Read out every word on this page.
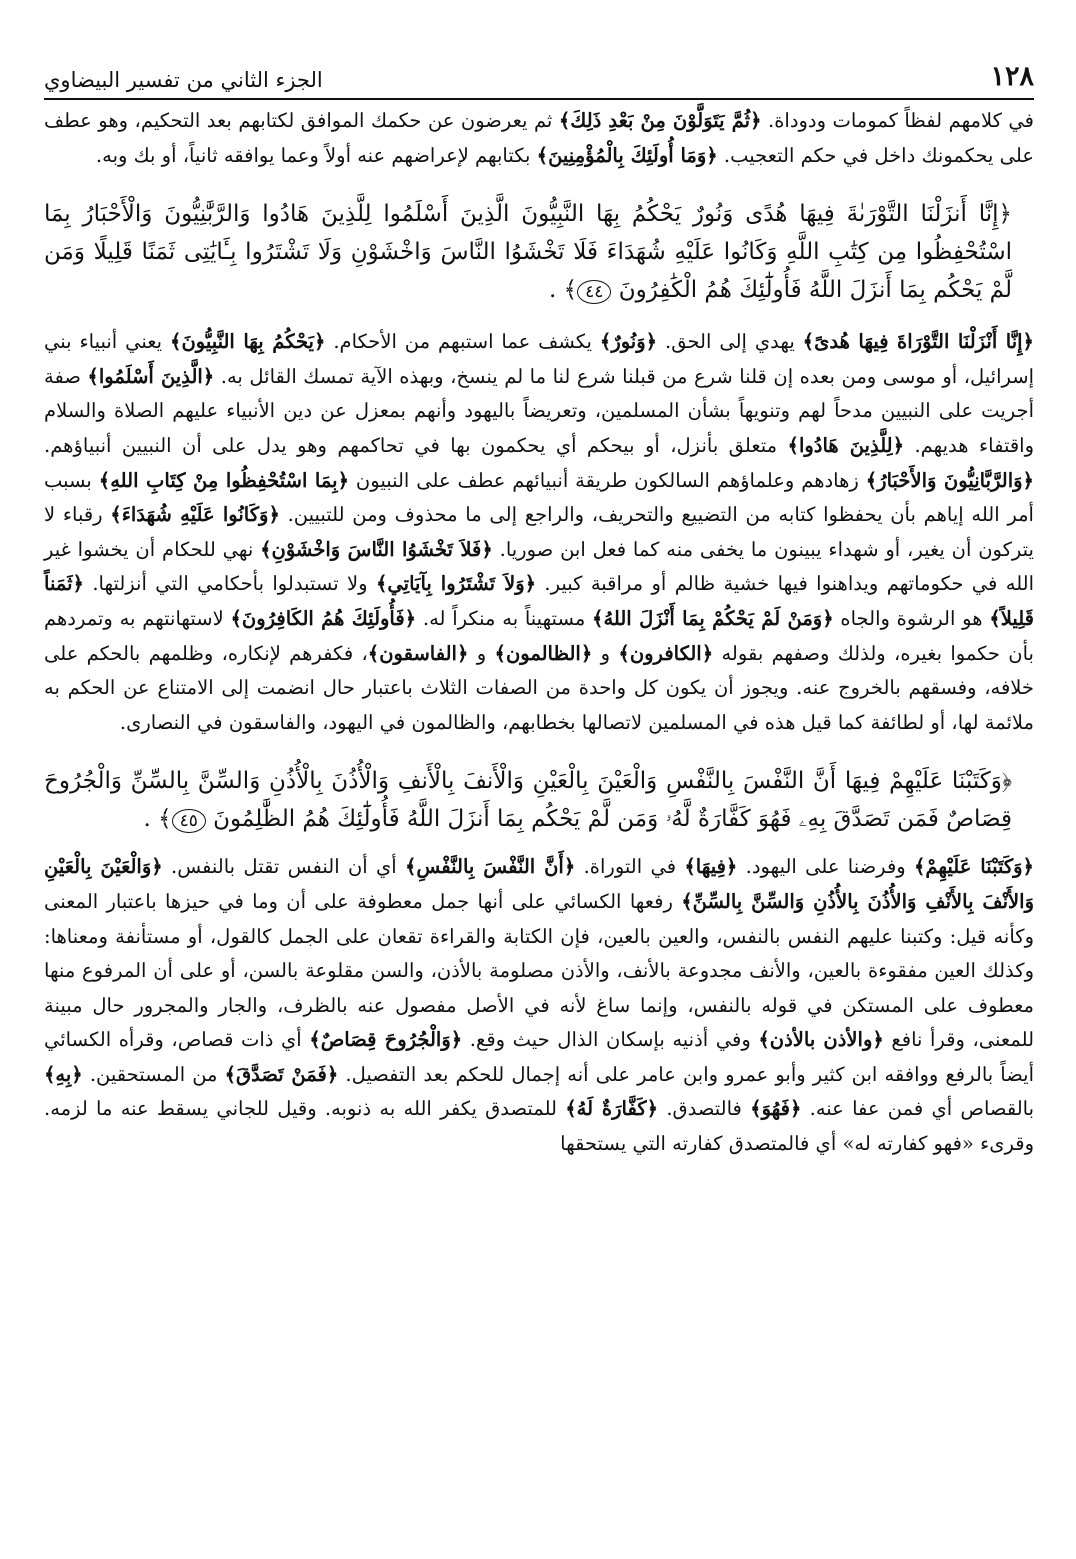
١٢٨
الجزء الثاني من تفسير البيضاوي

في كلامهم لفظاً كمومات ودوداة. ﴿ثُمَّ يَتَوَلَّوْنَ مِنْ بَعْدِ ذَلِكَ﴾ ثم يعرضون عن حكمك الموافق لكتابهم بعد التحكيم، وهو عطف على يحكمونك داخل في حكم التعجيب. ﴿وَمَا أُولَئِكَ بِالْمُؤْمِنِينَ﴾ بكتابهم لإعراضهم عنه أولاً وعما يوافقه ثانياً، أو بك وبه.

﴿إِنَّا أَنزَلْنَا التَّوْرَىٰةَ فِيهَا هُدًى وَنُورٌ يَحْكُمُ بِهَا النَّبِيُّونَ الَّذِينَ أَسْلَمُوا لِلَّذِينَ هَادُوا وَالرَّبَّٰنِيُّونَ وَالْأَحْبَارُ بِمَا اسْتُحْفِظُوا مِن كِتَٰبِ اللَّهِ وَكَانُوا عَلَيْهِ شُهَدَاءَ فَلَا تَخْشَوُا النَّاسَ وَاخْشَوْنِ وَلَا تَشْتَرُوا بِـَٔايَٰتِى ثَمَنًا قَلِيلًا وَمَن لَّمْ يَحْكُم بِمَا أَنزَلَ اللَّهُ فَأُولَٰٓئِكَ هُمُ الْكَٰفِرُونَ ٤٤﴾ .

﴿إِنَّا أَنْزَلْنَا التَّوْرَاةَ فِيهَا هُدىً﴾ يهدي إلى الحق. ﴿وَنُورٌ﴾ يكشف عما استبهم من الأحكام. ﴿يَحْكُمُ بِهَا النَّبِيُّونَ﴾ يعني أنبياء بني إسرائيل، أو موسى ومن بعده إن قلنا شرع من قبلنا شرع لنا ما لم ينسخ، وبهذه الآية تمسك القائل به. ﴿الَّذِينَ أَسْلَمُوا﴾ صفة أجريت على النبيين مدحاً لهم وتنويهاً بشأن المسلمين، وتعريضاً باليهود وأنهم بمعزل عن دين الأنبياء عليهم الصلاة والسلام واقتفاء هديهم. ﴿لِلَّذِينَ هَادُوا﴾ متعلق بأنزل، أو بيحكم أي يحكمون بها في تحاكمهم وهو يدل على أن النبيين أنبياؤهم. ﴿وَالرَّبَّانِيُّونَ وَالأَحْبَارُ﴾ زهادهم وعلماؤهم السالكون طريقة أنبيائهم عطف على النبيون ﴿بِمَا اسْتُحْفِظُوا مِنْ كِتَابِ اللهِ﴾ بسبب أمر الله إياهم بأن يحفظوا كتابه من التضييع والتحريف، والراجع إلى ما محذوف ومن للتبيين. ﴿وَكَانُوا عَلَيْهِ شُهَدَاءَ﴾ رقباء لا يتركون أن يغير، أو شهداء يبينون ما يخفى منه كما فعل ابن صوريا. ﴿فَلاَ تَخْشَوُا النَّاسَ وَاخْشَوْنِ﴾ نهي للحكام أن يخشوا غير الله في حكوماتهم ويداهنوا فيها خشية ظالم أو مراقبة كبير. ﴿وَلاَ تَشْتَرُوا بِآيَاتِي﴾ ولا تستبدلوا بأحكامي التي أنزلتها. ﴿ثَمَناً قَلِيلاً﴾ هو الرشوة والجاه ﴿وَمَنْ لَمْ يَحْكُمْ بِمَا أَنْزَلَ اللهُ﴾ مستهيناً به منكراً له. ﴿فَأُولَئِكَ هُمُ الكَافِرُونَ﴾ لاستهانتهم به وتمردهم بأن حكموا بغيره، ولذلك وصفهم بقوله ﴿الكافرون﴾ و ﴿الظالمون﴾ و ﴿الفاسقون﴾، فكفرهم لإنكاره، وظلمهم بالحكم على خلافه، وفسقهم بالخروج عنه. ويجوز أن يكون كل واحدة من الصفات الثلاث باعتبار حال انضمت إلى الامتناع عن الحكم به ملائمة لها، أو لطائفة كما قيل هذه في المسلمين لاتصالها بخطابهم، والظالمون في اليهود، والفاسقون في النصارى.

﴿وَكَتَبْنَا عَلَيْهِمْ فِيهَا أَنَّ النَّفْسَ بِالنَّفْسِ وَالْعَيْنَ بِالْعَيْنِ وَالْأَنفَ بِالْأَنفِ وَالْأُذُنَ بِالْأُذُنِ وَالسِّنَّ بِالسِّنِّ وَالْجُرُوحَ قِصَاصٌ فَمَن تَصَدَّقَ بِهِۦ فَهُوَ كَفَّارَةٌ لَّهُۥ وَمَن لَّمْ يَحْكُم بِمَا أَنزَلَ اللَّهُ فَأُولَٰٓئِكَ هُمُ الظَّٰلِمُونَ ٤٥﴾ .

﴿وَكَتَبْنَا عَلَيْهِمْ﴾ وفرضنا على اليهود. ﴿فِيهَا﴾ في التوراة. ﴿أَنَّ النَّفْسَ بِالنَّفْسِ﴾ أي أن النفس تقتل بالنفس. ﴿وَالْعَيْنَ بِالْعَيْنِ وَالأَنْفَ بِالأَنْفِ وَالأُذُنَ بِالأُذُنِ وَالسِّنَّ بِالسِّنِّ﴾ رفعها الكسائي على أنها جمل معطوفة على أن وما في حيزها باعتبار المعنى وكأنه قيل: وكتبنا عليهم النفس بالنفس، والعين بالعين، فإن الكتابة والقراءة تقعان على الجمل كالقول، أو مستأنفة ومعناها: وكذلك العين مفقوءة بالعين، والأنف مجدوعة بالأنف، والأذن مصلومة بالأذن، والسن مقلوعة بالسن، أو على أن المرفوع منها معطوف على المستكن في قوله بالنفس، وإنما ساغ لأنه في الأصل مفصول عنه بالظرف، والجار والمجرور حال مبينة للمعنى، وقرأ نافع ﴿والأذن بالأذن﴾ وفي أذنيه بإسكان الذال حيث وقع. ﴿وَالْجُرُوحَ قِصَاصٌ﴾ أي ذات قصاص، وقرأه الكسائي أيضاً بالرفع ووافقه ابن كثير وأبو عمرو وابن عامر على أنه إجمال للحكم بعد التفصيل. ﴿فَمَنْ تَصَدَّقَ﴾ من المستحقين. ﴿بِهِ﴾ بالقصاص أي فمن عفا عنه. ﴿فَهُوَ﴾ فالتصدق. ﴿كَفَّارَةٌ لَهُ﴾ للمتصدق يكفر الله به ذنوبه. وقيل للجاني يسقط عنه ما لزمه. وقرىء «فهو كفارته له» أي فالمتصدق كفارته التي يستحقها
